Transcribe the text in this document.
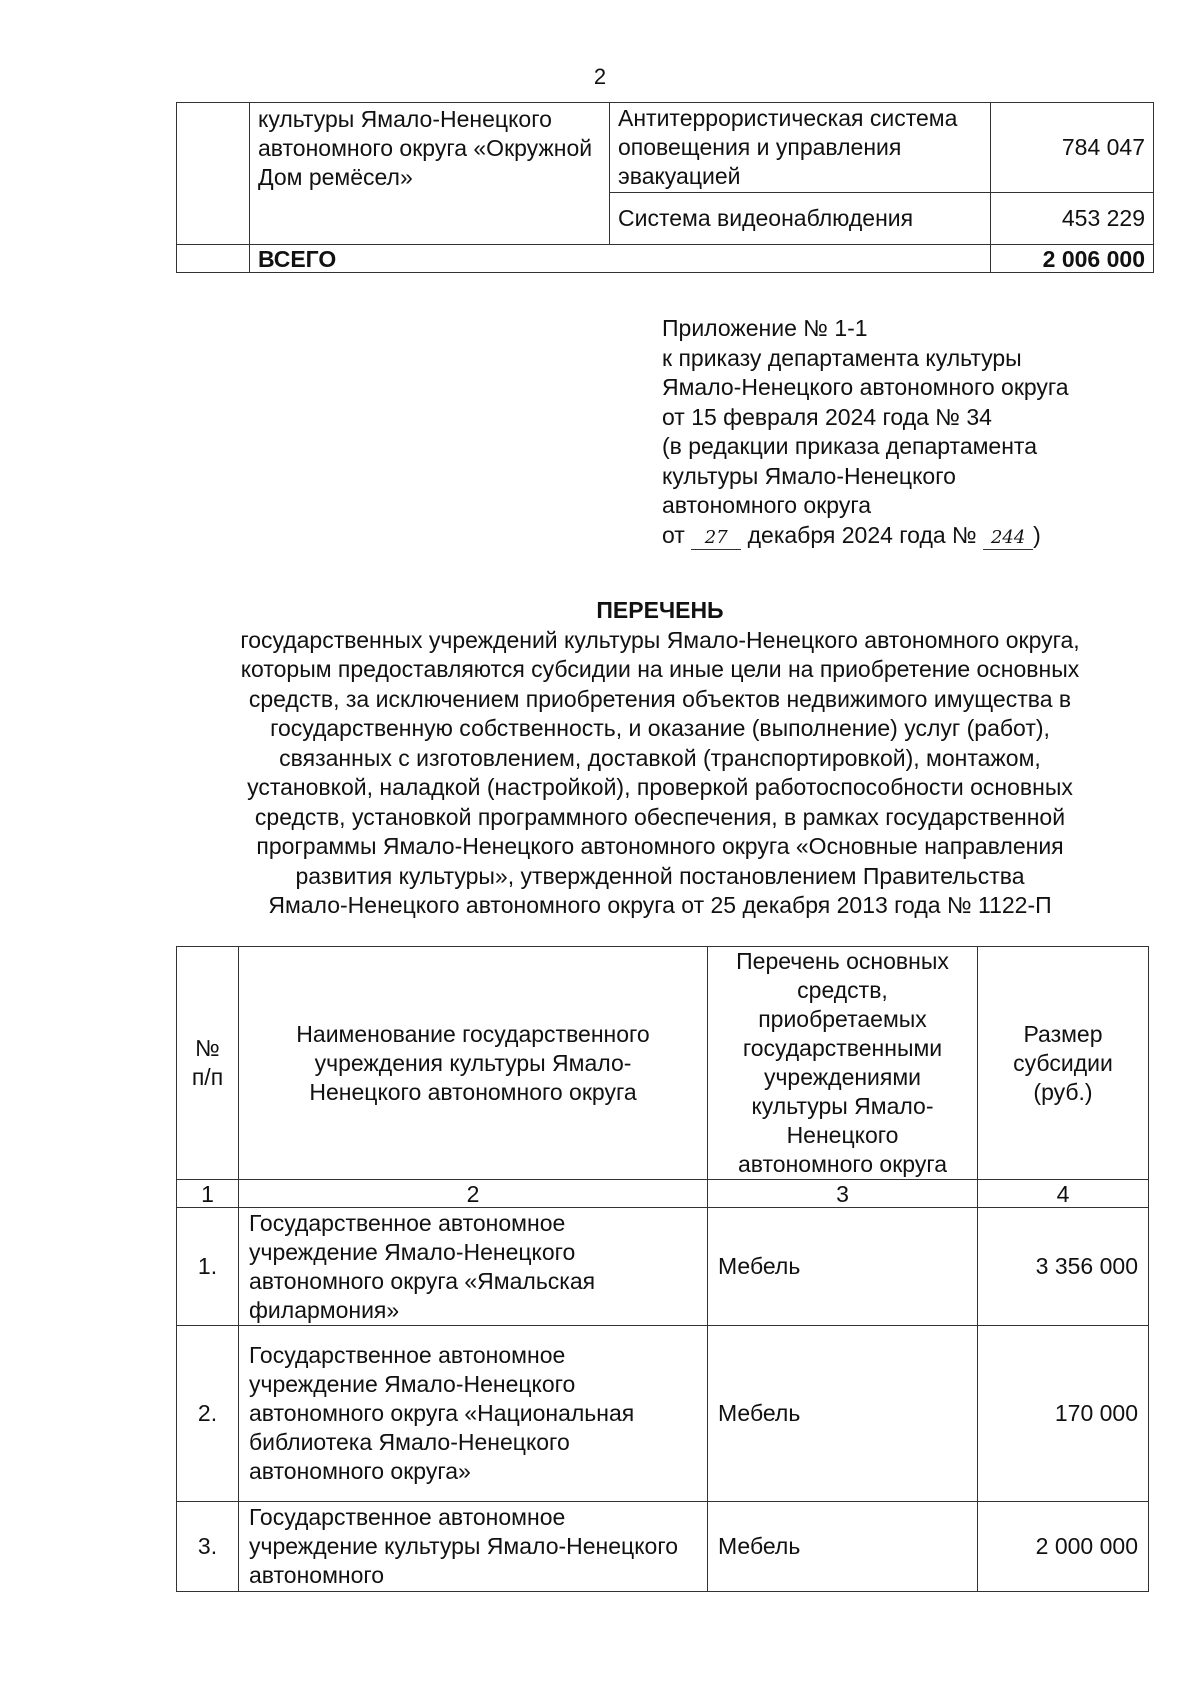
2
	культуры Ямало-Ненецкого автономного округа «Окружной Дом ремёсел»	Антитеррористическая система оповещения и управления эвакуацией	784 047
		Система видеонаблюдения	453 229
	ВСЕГО		2 006 000
Приложение № 1-1
к приказу департамента культуры
Ямало-Ненецкого автономного округа
от 15 февраля 2024 года № 34
(в редакции приказа департамента
культуры Ямало-Ненецкого
автономного округа
от 27 декабря 2024 года № 244 )
ПЕРЕЧЕНЬ
государственных учреждений культуры Ямало-Ненецкого автономного округа,
которым предоставляются субсидии на иные цели на приобретение основных
средств, за исключением приобретения объектов недвижимого имущества в
государственную собственность, и оказание (выполнение) услуг (работ),
связанных с изготовлением, доставкой (транспортировкой), монтажом,
установкой, наладкой (настройкой), проверкой работоспособности основных
средств, установкой программного обеспечения, в рамках государственной
программы Ямало-Ненецкого автономного округа «Основные направления
развития культуры», утвержденной постановлением Правительства
Ямало-Ненецкого автономного округа от 25 декабря 2013 года № 1122-П
№ п/п	Наименование государственного учреждения культуры Ямало-Ненецкого автономного округа	Перечень основных средств, приобретаемых государственными учреждениями культуры Ямало-Ненецкого автономного округа	Размер субсидии (руб.)
1	2	3	4
1.	Государственное автономное учреждение Ямало-Ненецкого автономного округа «Ямальская филармония»	Мебель	3 356 000
2.	Государственное автономное учреждение Ямало-Ненецкого автономного округа «Национальная библиотека Ямало-Ненецкого автономного округа»	Мебель	170 000
3.	Государственное автономное учреждение культуры Ямало-Ненецкого автономного	Мебель	2 000 000
